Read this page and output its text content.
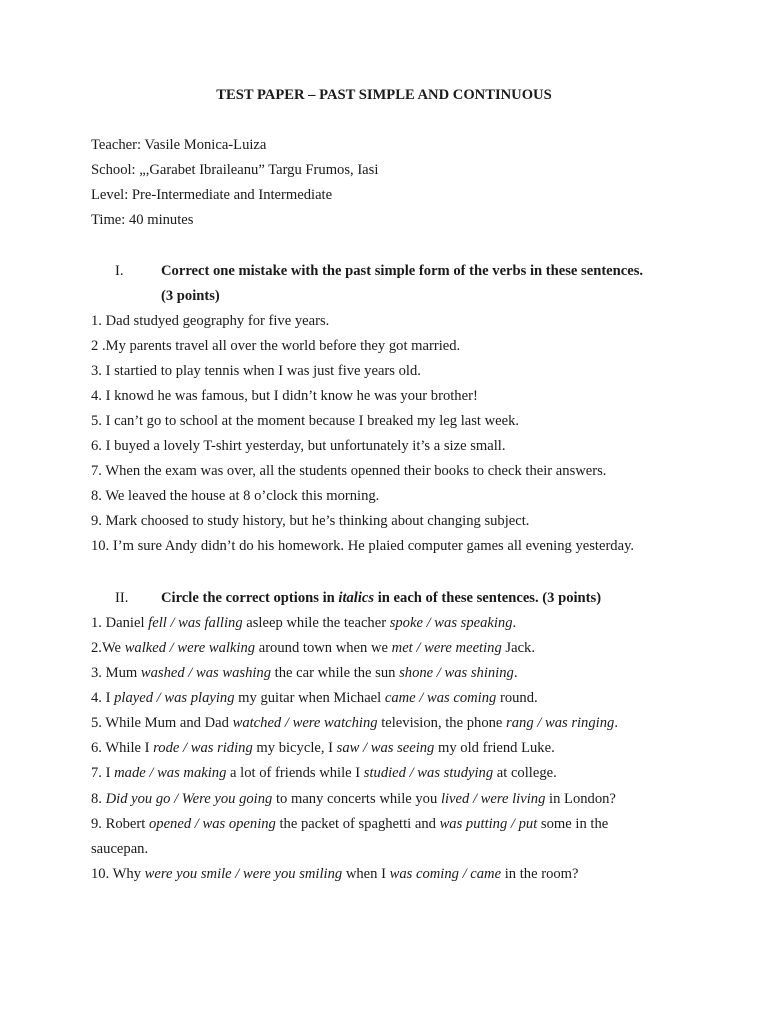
TEST PAPER – PAST SIMPLE AND CONTINUOUS
Teacher: Vasile Monica-Luiza
School: „,Garabet Ibraileanu” Targu Frumos, Iasi
Level: Pre-Intermediate and Intermediate
Time: 40 minutes
I.	Correct one mistake with the past simple form of the verbs in these sentences.
(3 points)
1. Dad studyed geography for five years.
2 .My parents travel all over the world before they got married.
3. I startied to play tennis when I was just five years old.
4. I knowd he was famous, but I didn’t know he was your brother!
5. I can’t go to school at the moment because I breaked my leg last week.
6. I buyed a lovely T-shirt yesterday, but unfortunately it’s a size small.
7. When the exam was over, all the students openned their books to check their answers.
8. We leaved the house at 8 o’clock this morning.
9. Mark choosed to study history, but he’s thinking about changing subject.
10. I’m sure Andy didn’t do his homework. He plaied computer games all evening yesterday.
II. Circle the correct options in italics in each of these sentences. (3 points)
1. Daniel fell / was falling asleep while the teacher spoke / was speaking.
2.We walked / were walking around town when we met / were meeting Jack.
3. Mum washed / was washing the car while the sun shone / was shining.
4. I played / was playing my guitar when Michael came / was coming round.
5. While Mum and Dad watched / were watching television, the phone rang / was ringing.
6. While I rode / was riding my bicycle, I saw / was seeing my old friend Luke.
7. I made / was making a lot of friends while I studied / was studying at college.
8. Did you go / Were you going to many concerts while you lived / were living in London?
9. Robert opened / was opening the packet of spaghetti and was putting / put some in the
saucepan.
10. Why were you smile / were you smiling when I was coming / came in the room?
